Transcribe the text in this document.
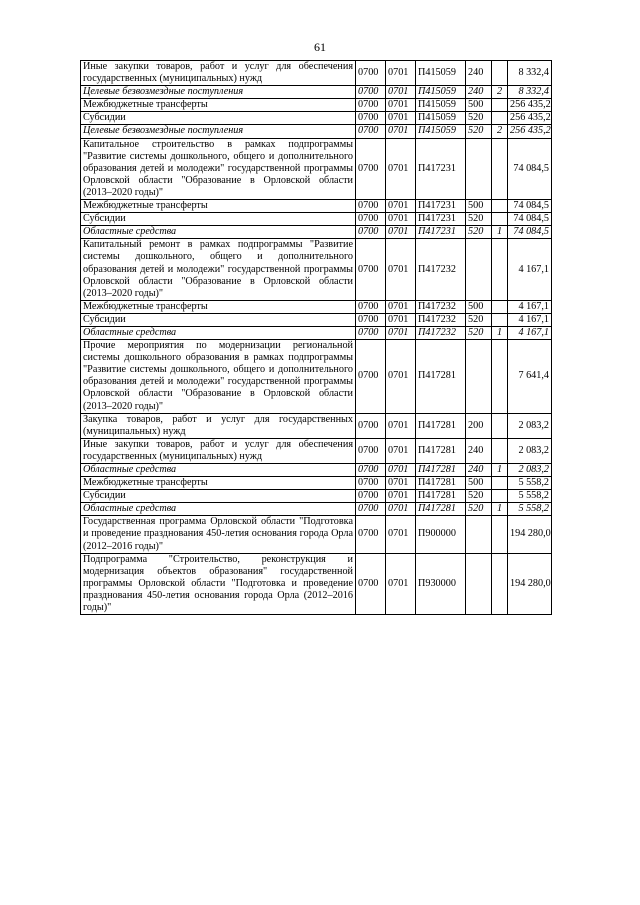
61
Иные закупки товаров, работ и услуг для обеспечения государственных (муниципальных) нужд	0700	0701	П415059	240		8 332,4
Целевые безвозмездные поступления	0700	0701	П415059	240	2	8 332,4
Межбюджетные трансферты	0700	0701	П415059	500		256 435,2
Субсидии	0700	0701	П415059	520		256 435,2
Целевые безвозмездные поступления	0700	0701	П415059	520	2	256 435,2
Капитальное строительство в рамках подпрограммы "Развитие системы дошкольного, общего и дополнительного образования детей и молодежи" государственной программы Орловской области "Образование в Орловской области (2013–2020 годы)"	0700	0701	П417231			74 084,5
Межбюджетные трансферты	0700	0701	П417231	500		74 084,5
Субсидии	0700	0701	П417231	520		74 084,5
Областные средства	0700	0701	П417231	520	1	74 084,5
Капитальный ремонт в рамках подпрограммы "Развитие системы дошкольного, общего и дополнительного образования детей и молодежи" государственной программы Орловской области "Образование в Орловской области (2013–2020 годы)"	0700	0701	П417232			4 167,1
Межбюджетные трансферты	0700	0701	П417232	500		4 167,1
Субсидии	0700	0701	П417232	520		4 167,1
Областные средства	0700	0701	П417232	520	1	4 167,1
Прочие мероприятия по модернизации региональной системы дошкольного образования в рамках подпрограммы "Развитие системы дошкольного, общего и дополнительного образования детей и молодежи" государственной программы Орловской области "Образование в Орловской области (2013–2020 годы)"	0700	0701	П417281			7 641,4
Закупка товаров, работ и услуг для государственных (муниципальных) нужд	0700	0701	П417281	200		2 083,2
Иные закупки товаров, работ и услуг для обеспечения государственных (муниципальных) нужд	0700	0701	П417281	240		2 083,2
Областные средства	0700	0701	П417281	240	1	2 083,2
Межбюджетные трансферты	0700	0701	П417281	500		5 558,2
Субсидии	0700	0701	П417281	520		5 558,2
Областные средства	0700	0701	П417281	520	1	5 558,2
Государственная программа Орловской области "Подготовка и проведение празднования 450-летия основания города Орла (2012–2016 годы)"	0700	0701	П900000			194 280,0
Подпрограмма "Строительство, реконструкция и модернизация объектов образования" государственной программы Орловской области "Подготовка и проведение празднования 450-летия основания города Орла (2012–2016 годы)"	0700	0701	П930000			194 280,0
